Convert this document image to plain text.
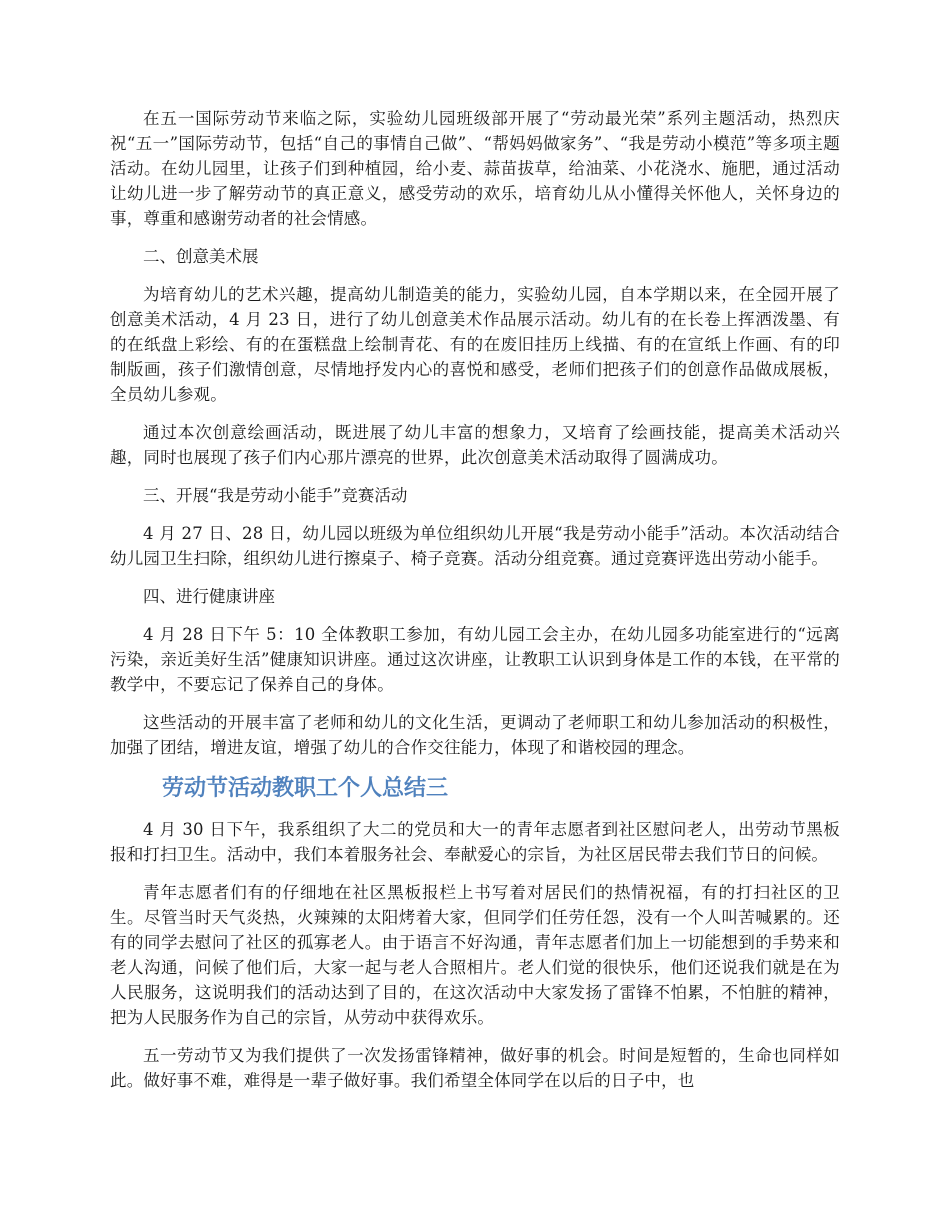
在五一国际劳动节来临之际，实验幼儿园班级部开展了“劳动最光荣”系列主题活动，热烈庆祝“五一”国际劳动节，包括“自己的事情自己做”、“帮妈妈做家务”、“我是劳动小模范”等多项主题活动。在幼儿园里，让孩子们到种植园，给小麦、蒜苗拔草，给油菜、小花浇水、施肥，通过活动让幼儿进一步了解劳动节的真正意义，感受劳动的欢乐，培育幼儿从小懂得关怀他人，关怀身边的事，尊重和感谢劳动者的社会情感。

二、创意美术展

为培育幼儿的艺术兴趣，提高幼儿制造美的能力，实验幼儿园，自本学期以来，在全园开展了创意美术活动，4 月 23 日，进行了幼儿创意美术作品展示活动。幼儿有的在长卷上挥洒泼墨、有的在纸盘上彩绘、有的在蛋糕盘上绘制青花、有的在废旧挂历上线描、有的在宣纸上作画、有的印制版画，孩子们激情创意，尽情地抒发内心的喜悦和感受，老师们把孩子们的创意作品做成展板，全员幼儿参观。

通过本次创意绘画活动，既进展了幼儿丰富的想象力，又培育了绘画技能，提高美术活动兴趣，同时也展现了孩子们内心那片漂亮的世界，此次创意美术活动取得了圆满成功。

三、开展“我是劳动小能手”竞赛活动

4 月 27 日、28 日，幼儿园以班级为单位组织幼儿开展“我是劳动小能手”活动。本次活动结合幼儿园卫生扫除，组织幼儿进行擦桌子、椅子竞赛。活动分组竞赛。通过竞赛评选出劳动小能手。

四、进行健康讲座

4 月 28 日下午 5：10 全体教职工参加，有幼儿园工会主办，在幼儿园多功能室进行的“远离污染，亲近美好生活”健康知识讲座。通过这次讲座，让教职工认识到身体是工作的本钱，在平常的教学中，不要忘记了保养自己的身体。

这些活动的开展丰富了老师和幼儿的文化生活，更调动了老师职工和幼儿参加活动的积极性，加强了团结，增进友谊，增强了幼儿的合作交往能力，体现了和谐校园的理念。

劳动节活动教职工个人总结三

4 月 30 日下午，我系组织了大二的党员和大一的青年志愿者到社区慰问老人，出劳动节黑板报和打扫卫生。活动中，我们本着服务社会、奉献爱心的宗旨，为社区居民带去我们节日的问候。

青年志愿者们有的仔细地在社区黑板报栏上书写着对居民们的热情祝福，有的打扫社区的卫生。尽管当时天气炎热，火辣辣的太阳烤着大家，但同学们任劳任怨，没有一个人叫苦喊累的。还有的同学去慰问了社区的孤寡老人。由于语言不好沟通，青年志愿者们加上一切能想到的手势来和老人沟通，问候了他们后，大家一起与老人合照相片。老人们觉的很快乐，他们还说我们就是在为人民服务，这说明我们的活动达到了目的，在这次活动中大家发扬了雷锋不怕累，不怕脏的精神，把为人民服务作为自己的宗旨，从劳动中获得欢乐。

五一劳动节又为我们提供了一次发扬雷锋精神，做好事的机会。时间是短暂的，生命也同样如此。做好事不难，难得是一辈子做好事。我们希望全体同学在以后的日子中，也
